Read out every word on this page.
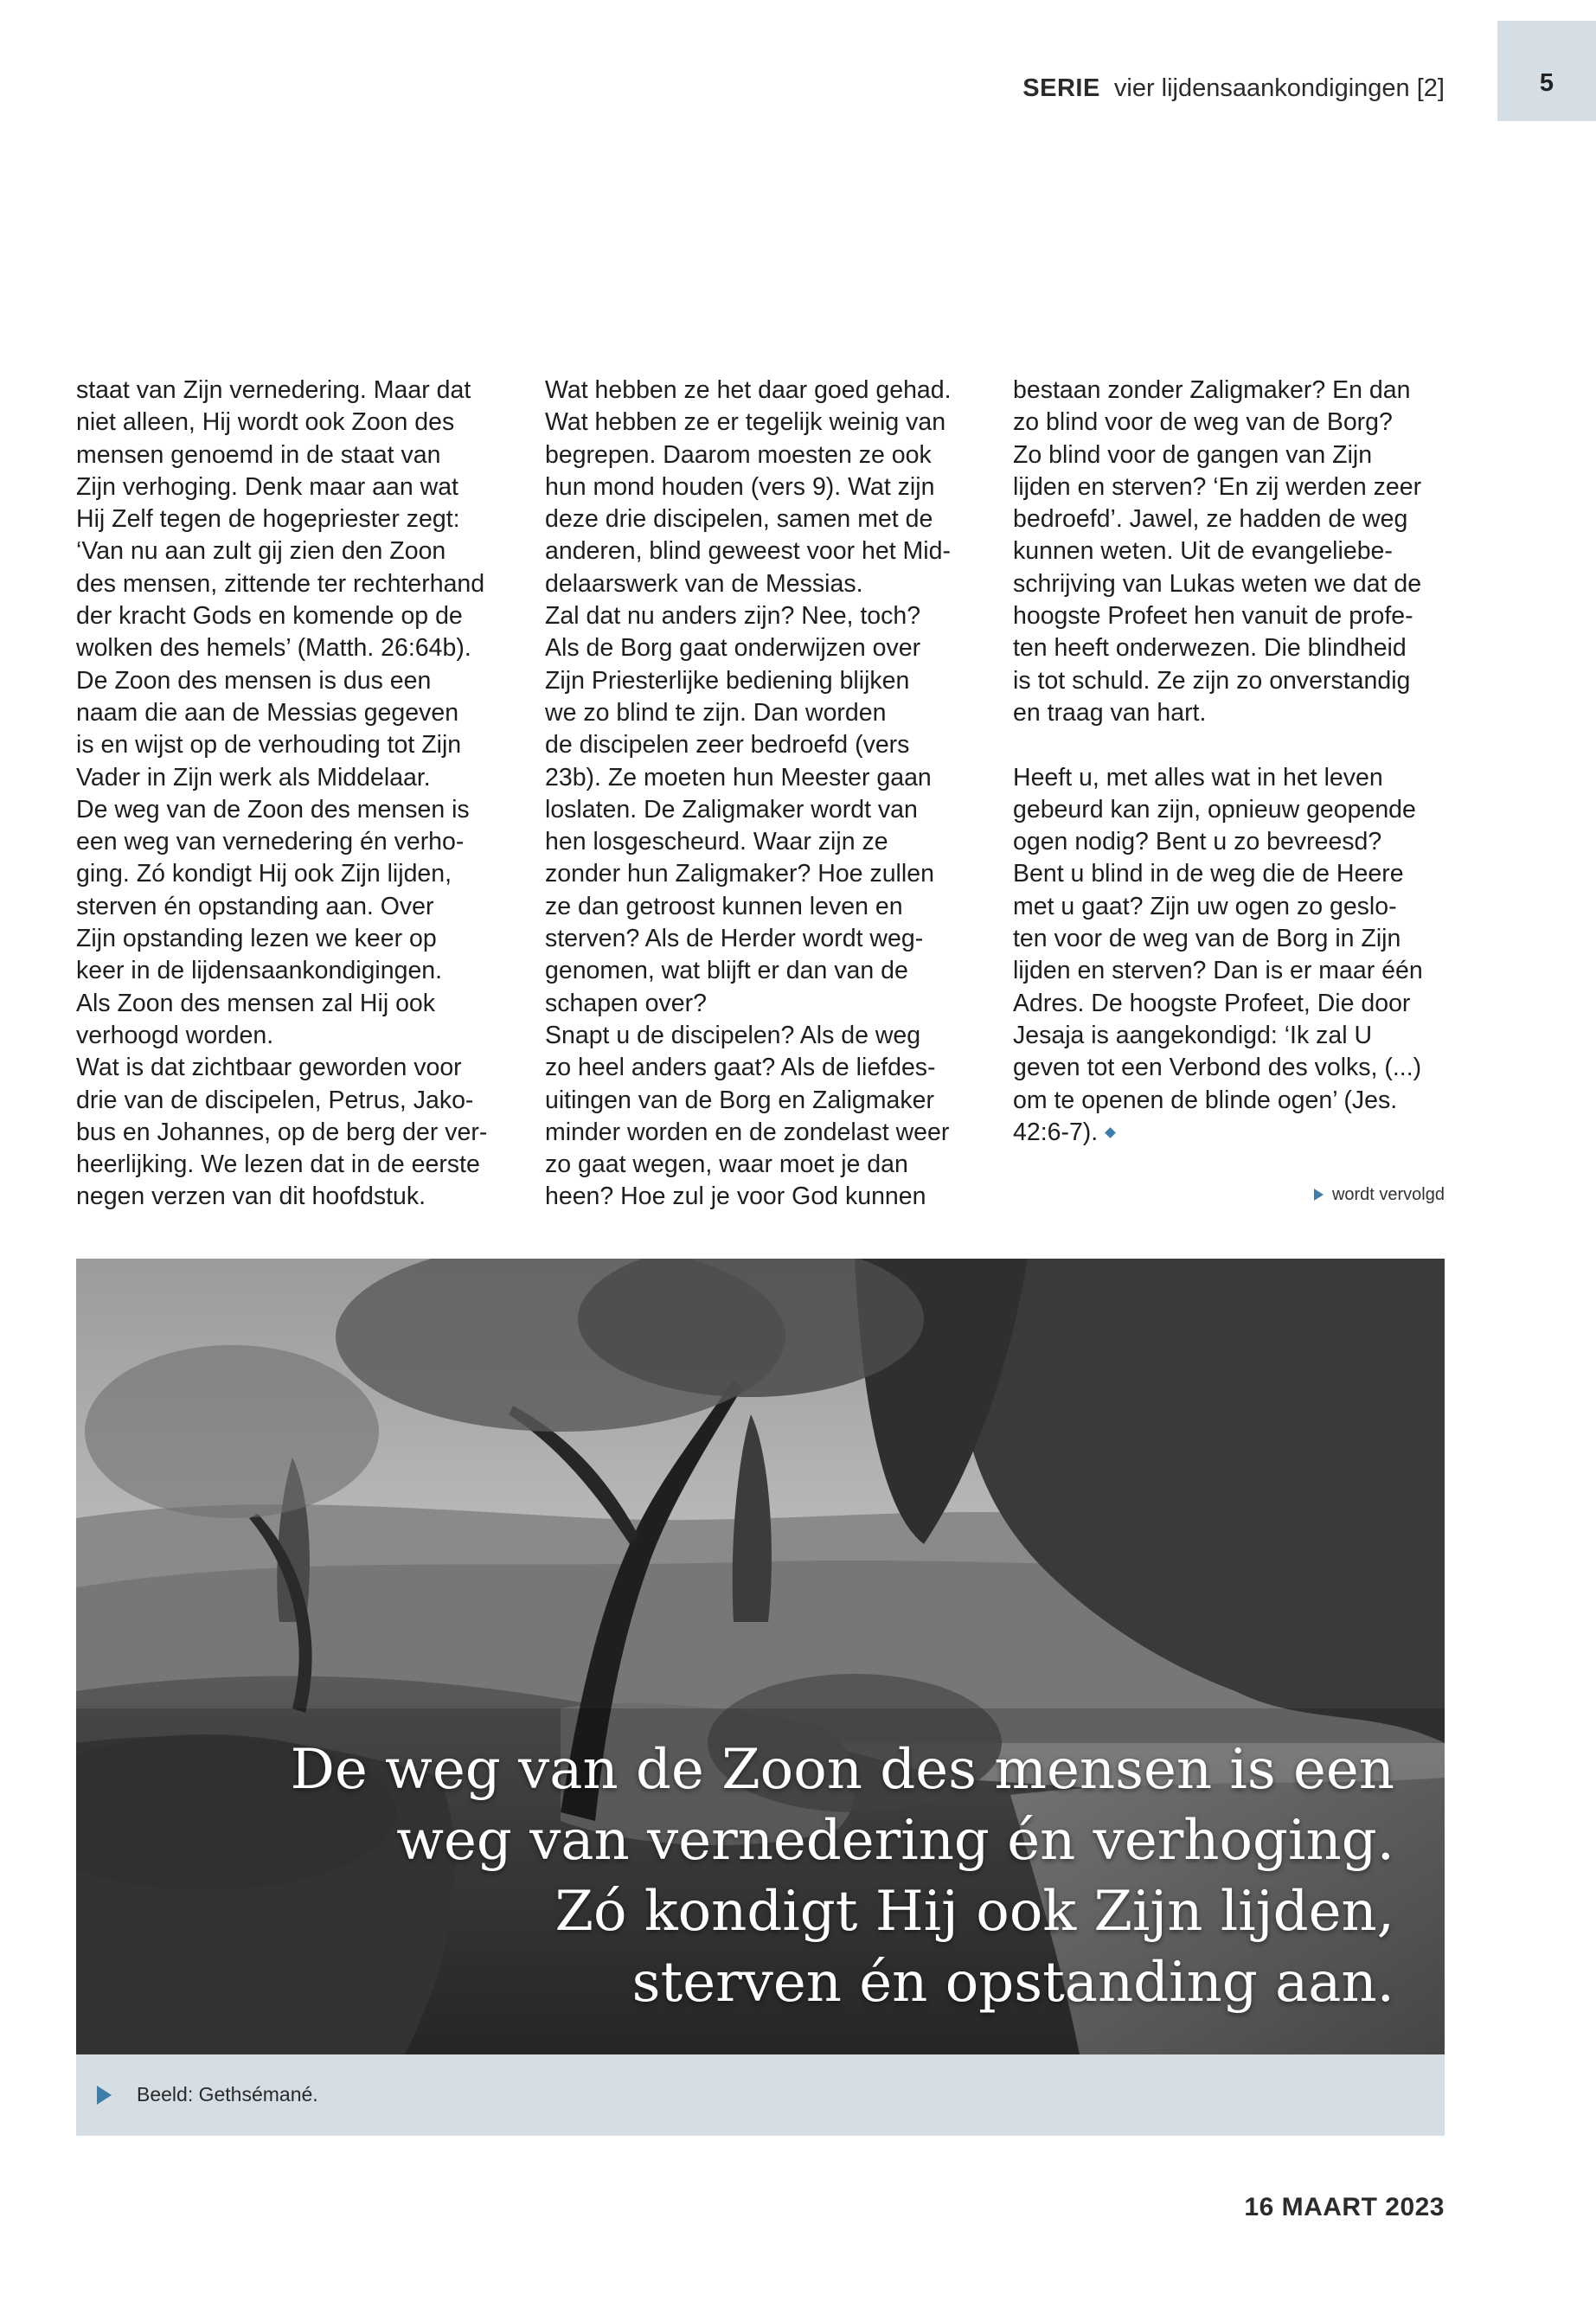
SERIE vier lijdensaankondigingen [2]	5

staat van Zijn vernedering. Maar dat

niet alleen, Hij wordt ook Zoon des

mensen genoemd in de staat van

Zijn verhoging. Denk maar aan wat

Hij Zelf tegen de hogepriester zegt:

‘Van nu aan zult gij zien den Zoon

des mensen, zittende ter rechterhand

der kracht Gods en komende op de

wolken des hemels’ (Matth. 26:64b).

De Zoon des mensen is dus een

naam die aan de Messias gegeven

is en wijst op de verhouding tot Zijn

Vader in Zijn werk als Middelaar.

De weg van de Zoon des mensen is

een weg van vernedering én verho-

ging. Zó kondigt Hij ook Zijn lijden,

sterven én opstanding aan. Over

Zijn opstanding lezen we keer op

keer in de lijdensaankondigingen.

Als Zoon des mensen zal Hij ook

verhoogd worden.

Wat is dat zichtbaar geworden voor

drie van de discipelen, Petrus, Jako-

bus en Johannes, op de berg der ver-

heerlijking. We lezen dat in de eerste

negen verzen van dit hoofdstuk.

Wat hebben ze het daar goed gehad.

Wat hebben ze er tegelijk weinig van

begrepen. Daarom moesten ze ook

hun mond houden (vers 9). Wat zijn

deze drie discipelen, samen met de

anderen, blind geweest voor het Mid-

delaarswerk van de Messias.

Zal dat nu anders zijn? Nee, toch?

Als de Borg gaat onderwijzen over

Zijn Priesterlijke bediening blijken

we zo blind te zijn. Dan worden

de discipelen zeer bedroefd (vers

23b). Ze moeten hun Meester gaan

loslaten. De Zaligmaker wordt van

hen losgescheurd. Waar zijn ze

zonder hun Zaligmaker? Hoe zullen

ze dan getroost kunnen leven en

sterven? Als de Herder wordt weg-

genomen, wat blijft er dan van de

schapen over?

Snapt u de discipelen? Als de weg

zo heel anders gaat? Als de liefdes-

uitingen van de Borg en Zaligmaker

minder worden en de zondelast weer

zo gaat wegen, waar moet je dan

heen? Hoe zul je voor God kunnen

bestaan zonder Zaligmaker? En dan

zo blind voor de weg van de Borg?

Zo blind voor de gangen van Zijn

lijden en sterven? ‘En zij werden zeer

bedroefd’. Jawel, ze hadden de weg

kunnen weten. Uit de evangeliebe-

schrijving van Lukas weten we dat de

hoogste Profeet hen vanuit de profe-

ten heeft onderwezen. Die blindheid

is tot schuld. Ze zijn zo onverstandig

en traag van hart.

Heeft u, met alles wat in het leven

gebeurd kan zijn, opnieuw geopende

ogen nodig? Bent u zo bevreesd?

Bent u blind in de weg die de Heere

met u gaat? Zijn uw ogen zo geslo-

ten voor de weg van de Borg in Zijn

lijden en sterven? Dan is er maar één

Adres. De hoogste Profeet, Die door

Jesaja is aangekondigd: ‘Ik zal U

geven tot een Verbond des volks, (...)

om te openen de blinde ogen’ (Jes.

42:6-7).

wordt vervolgd
De weg van de Zoon des mensen is een
weg van vernedering én verhoging.
Zó kondigt Hij ook Zijn lijden,
sterven én opstanding aan.
Beeld: Gethsémané.
16 MAART 2023
